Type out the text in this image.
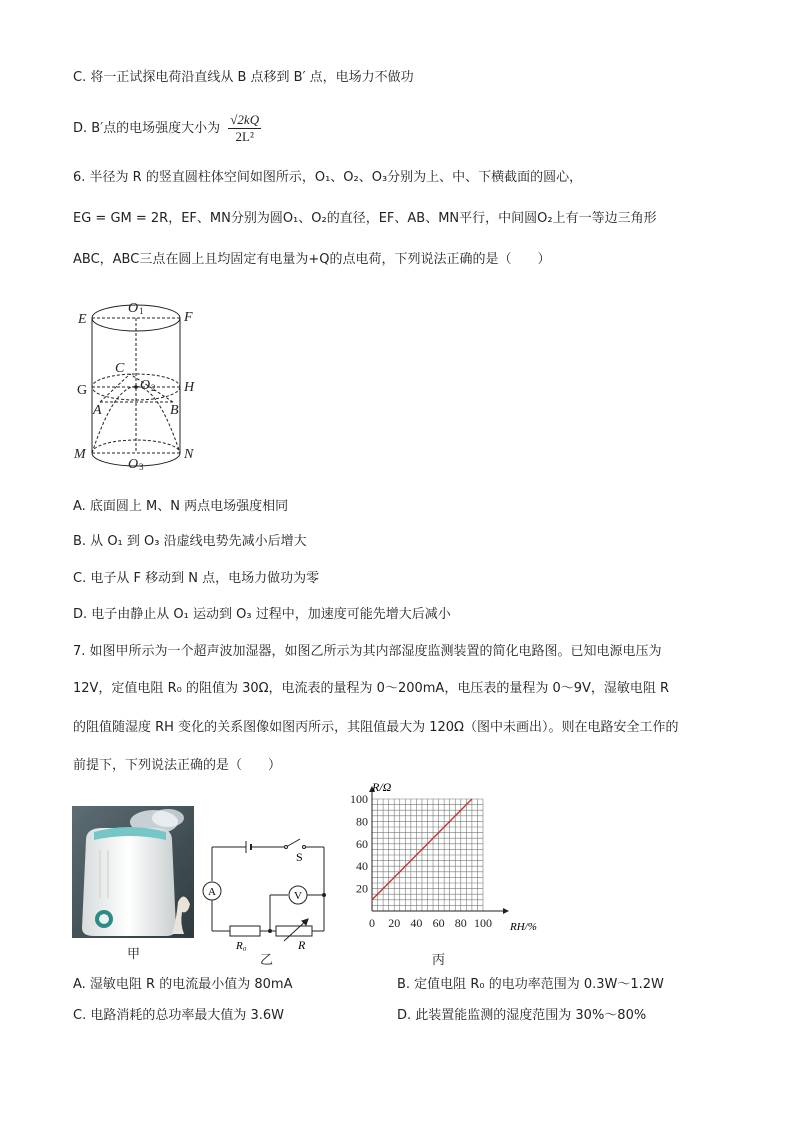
C. 将一正试探电荷沿直线从 B 点移到 B′ 点，电场力不做功
D. B′点的电场强度大小为 $\frac{√2kQ}{\text{2L²}}$
6. 半径为 R 的竖直圆柱体空间如图所示，O₁、O₂、O₃分别为上、中、下横截面的圆心，
EG = GM = 2R，EF、MN分别为圆O₁、O₂的直径，EF、AB、MN平行，中间圆O₂上有一等边三角形
ABC，ABC三点在圆上且均固定有电量为+Q的点电荷，下列说法正确的是（　　）
O 1
E	F
C
O 2
G	H
A	B
M	N
O 3
A. 底面圆上 M、N 两点电场强度相同
B. 从 O₁ 到 O₃ 沿虚线电势先减小后增大
C. 电子从 F 移动到 N 点，电场力做功为零
D. 电子由静止从 O₁ 运动到 O₃ 过程中，加速度可能先增大后减小
7. 如图甲所示为一个超声波加湿器，如图乙所示为其内部湿度监测装置的简化电路图。已知电源电压为
12V，定值电阻 R₀ 的阻值为 30Ω，电流表的量程为 0～200mA，电压表的量程为 0～9V，湿敏电阻 R
的阻值随湿度 RH 变化的关系图像如图丙所示，其阻值最大为 120Ω（图中未画出）。则在电路安全工作的
前提下，下列说法正确的是（　　）
甲
A	V
S
R₀	R
乙
0 20 40 60 80 100
20
40
60
80
100
R/Ω
RH/%
丙
A. 湿敏电阻 R 的电流最小值为 80mA	B. 定值电阻 R₀ 的电功率范围为 0.3W～1.2W
C. 电路消耗的总功率最大值为 3.6W	D. 此装置能监测的湿度范围为 30%～80%
